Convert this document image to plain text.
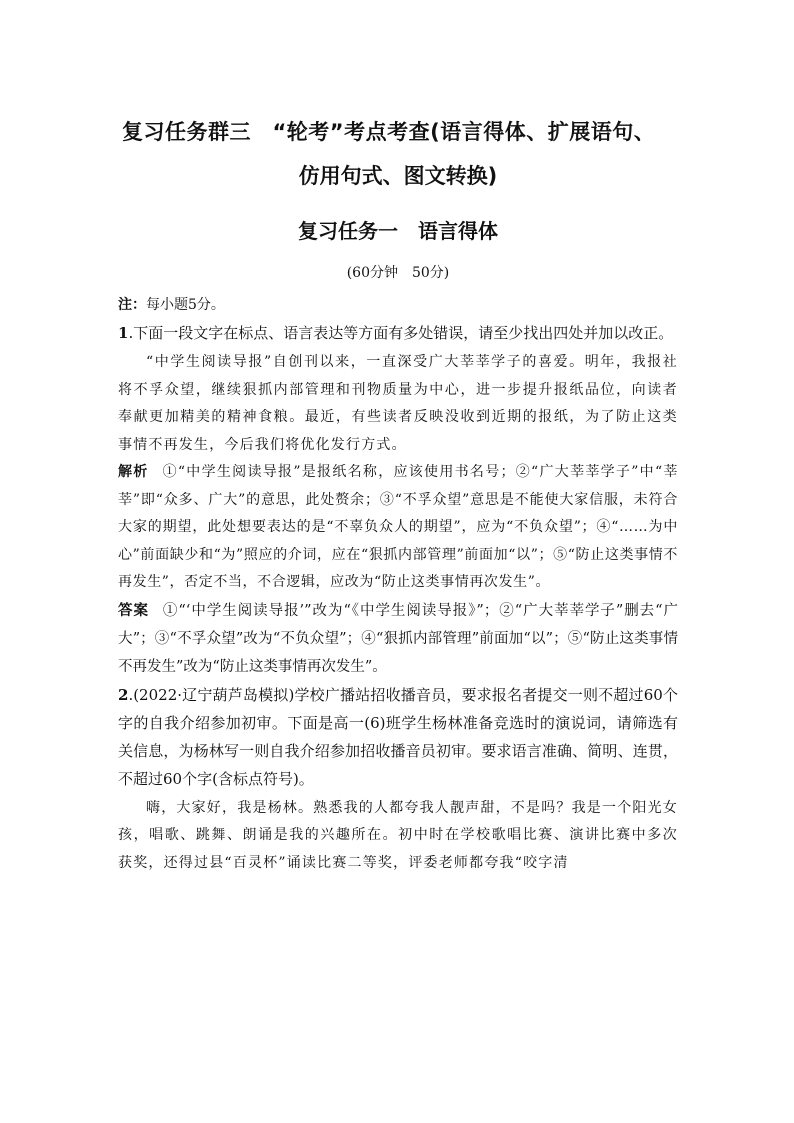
复习任务群三　“轮考”考点考查(语言得体、扩展语句、
仿用句式、图文转换)
复习任务一　语言得体
(60分钟　50分)
注：每小题5分。

1.下面一段文字在标点、语言表达等方面有多处错误，请至少找出四处并加以改正。

“中学生阅读导报”自创刊以来，一直深受广大莘莘学子的喜爱。明年，我报社将不孚众望，继续狠抓内部管理和刊物质量为中心，进一步提升报纸品位，向读者奉献更加精美的精神食粮。最近，有些读者反映没收到近期的报纸，为了防止这类事情不再发生，今后我们将优化发行方式。

解析 ①“中学生阅读导报”是报纸名称，应该使用书名号；②“广大莘莘学子”中“莘莘”即“众多、广大”的意思，此处赘余；③“不孚众望”意思是不能使大家信服，未符合大家的期望，此处想要表达的是“不辜负众人的期望”，应为“不负众望”；④“……为中心”前面缺少和“为”照应的介词，应在“狠抓内部管理”前面加“以”；⑤“防止这类事情不再发生”，否定不当，不合逻辑，应改为“防止这类事情再次发生”。

答案 ①“‘中学生阅读导报’”改为“《中学生阅读导报》”；②“广大莘莘学子”删去“广大”；③“不孚众望”改为“不负众望”；④“狠抓内部管理”前面加“以”；⑤“防止这类事情不再发生”改为“防止这类事情再次发生”。

2.(2022·辽宁葫芦岛模拟)学校广播站招收播音员，要求报名者提交一则不超过60个字的自我介绍参加初审。下面是高一(6)班学生杨林准备竞选时的演说词，请筛选有关信息，为杨林写一则自我介绍参加招收播音员初审。要求语言准确、简明、连贯，不超过60个字(含标点符号)。

嗨，大家好，我是杨林。熟悉我的人都夸我人靓声甜，不是吗？我是一个阳光女孩，唱歌、跳舞、朗诵是我的兴趣所在。初中时在学校歌唱比赛、演讲比赛中多次获奖，还得过县“百灵杯”诵读比赛二等奖，评委老师都夸我“咬字清
